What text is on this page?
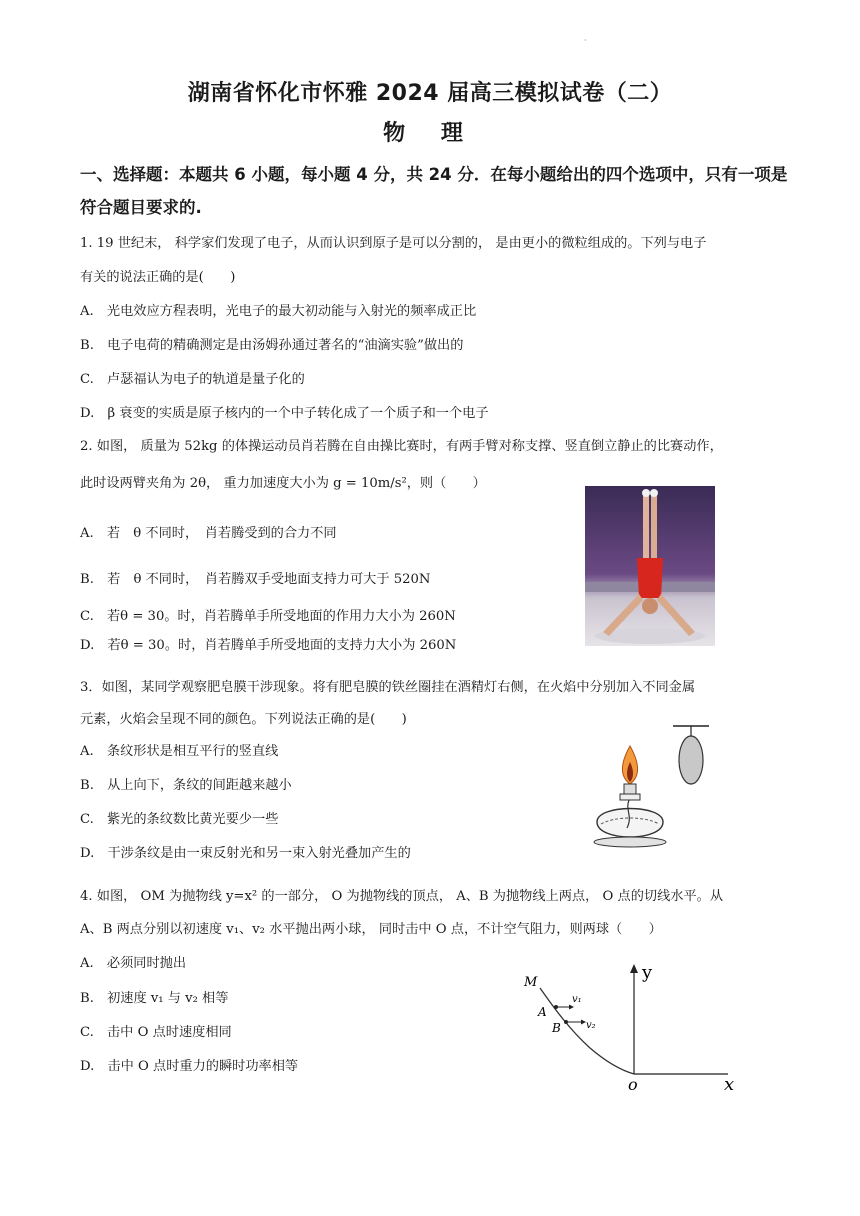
·
湖南省怀化市怀雅 2024 届高三模拟试卷（二）
物 理
一、选择题：本题共 6 小题，每小题 4 分，共 24 分．在每小题给出的四个选项中，只有一项是符合题目要求的.
1. 19 世纪末， 科学家们发现了电子，从而认识到原子是可以分割的， 是由更小的微粒组成的。下列与电子
有关的说法正确的是(　　)
A.　光电效应方程表明，光电子的最大初动能与入射光的频率成正比
B.　电子电荷的精确测定是由汤姆孙通过著名的“油滴实验”做出的
C.　卢瑟福认为电子的轨道是量子化的
D.　β 衰变的实质是原子核内的一个中子转化成了一个质子和一个电子
2. 如图， 质量为 52kg 的体操运动员肖若腾在自由操比赛时，有两手臂对称支撑、竖直倒立静止的比赛动作，
此时设两臂夹角为 2θ， 重力加速度大小为 g = 10m/s²，则（　　）
A.　若　θ 不同时，　肖若腾受到的合力不同
B.　若　θ 不同时，　肖若腾双手受地面支持力可大于 520N
C.　若θ = 30。时，肖若腾单手所受地面的作用力大小为 260N
D.　若θ = 30。时，肖若腾单手所受地面的支持力大小为 260N
3．如图，某同学观察肥皂膜干涉现象。将有肥皂膜的铁丝圈挂在酒精灯右侧，在火焰中分别加入不同金属
元素，火焰会呈现不同的颜色。下列说法正确的是(　　)
A.　条纹形状是相互平行的竖直线
B.　从上向下，条纹的间距越来越小
C.　紫光的条纹数比黄光要少一些
D.　干涉条纹是由一束反射光和另一束入射光叠加产生的
4. 如图， OM 为抛物线 y=x² 的一部分， O 为抛物线的顶点， A、B 为抛物线上两点， O 点的切线水平。从
A、B 两点分别以初速度 v₁、v₂ 水平抛出两小球， 同时击中 O 点，不计空气阻力，则两球（　　）
A.　必须同时抛出
B.　初速度 v₁ 与 v₂ 相等
C.　击中 O 点时速度相同
D.　击中 O 点时重力的瞬时功率相等
M
A
v₁
B	v₂
y
o	x
